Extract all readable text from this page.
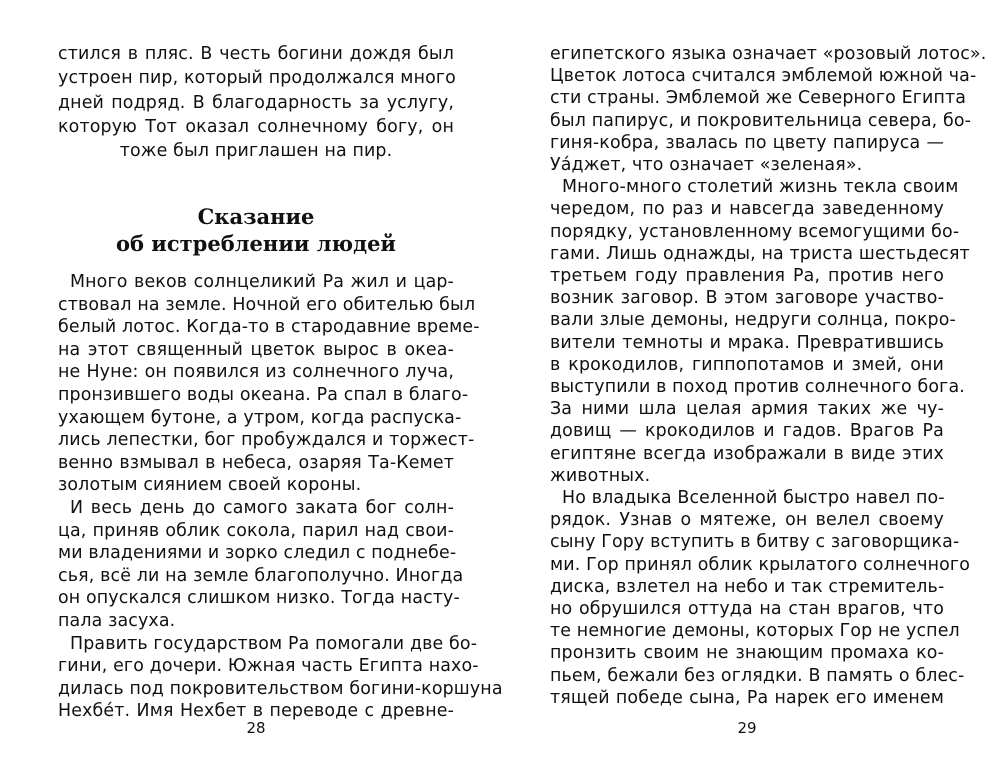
стился в пляс. В честь богини дождя был
устроен пир, который продолжался много
дней подряд. В благодарность за услугу,
которую Тот оказал солнечному богу, он
тоже был приглашен на пир.
Сказание
об истреблении людей
Много веков солнцеликий Ра жил и цар-
ствовал на земле. Ночной его обителью был
белый лотос. Когда-то в стародавние време-
на этот священный цветок вырос в океа-
не Нуне: он появился из солнечного луча,
пронзившего воды океана. Ра спал в благо-
ухающем бутоне, а утром, когда распуска-
лись лепестки, бог пробуждался и торжест-
венно взмывал в небеса, озаряя Та-Кемет
золотым сиянием своей короны.
И весь день до самого заката бог солн-
ца, приняв облик сокола, парил над свои-
ми владениями и зорко следил с поднебе-
сья, всё ли на земле благополучно. Иногда
он опускался слишком низко. Тогда насту-
пала засуха.
Править государством Ра помогали две бо-
гини, его дочери. Южная часть Египта нахо-
28
дилась под покровительством богини-коршуна
Нехбе́т. Имя Нехбет в переводе с древне-
египетского языка означает «розовый лотос».
Цветок лотоса считался эмблемой южной ча-
сти страны. Эмблемой же Северного Египта
был папирус, и покровительница севера, бо-
гиня-кобра, звалась по цвету папируса —
Уа́джет, что означает «зеленая».
Много-много столетий жизнь текла своим
чередом, по раз и навсегда заведенному
порядку, установленному всемогущими бо-
гами. Лишь однажды, на триста шестьдесят
третьем году правления Ра, против него
возник заговор. В этом заговоре участво-
вали злые демоны, недруги солнца, покро-
вители темноты и мрака. Превратившись
в крокодилов, гиппопотамов и змей, они
выступили в поход против солнечного бога.
За ними шла целая армия таких же чу-
довищ — крокодилов и гадов. Врагов Ра
египтяне всегда изображали в виде этих
животных.
Но владыка Вселенной быстро навел по-
рядок. Узнав о мятеже, он велел своему
сыну Гору вступить в битву с заговорщика-
ми. Гор принял облик крылатого солнечного
диска, взлетел на небо и так стремитель-
но обрушился оттуда на стан врагов, что
те немногие демоны, которых Гор не успел
пронзить своим не знающим промаха ко-
29
пьем, бежали без оглядки. В память о блес-
тящей победе сына, Ра нарек его именем
